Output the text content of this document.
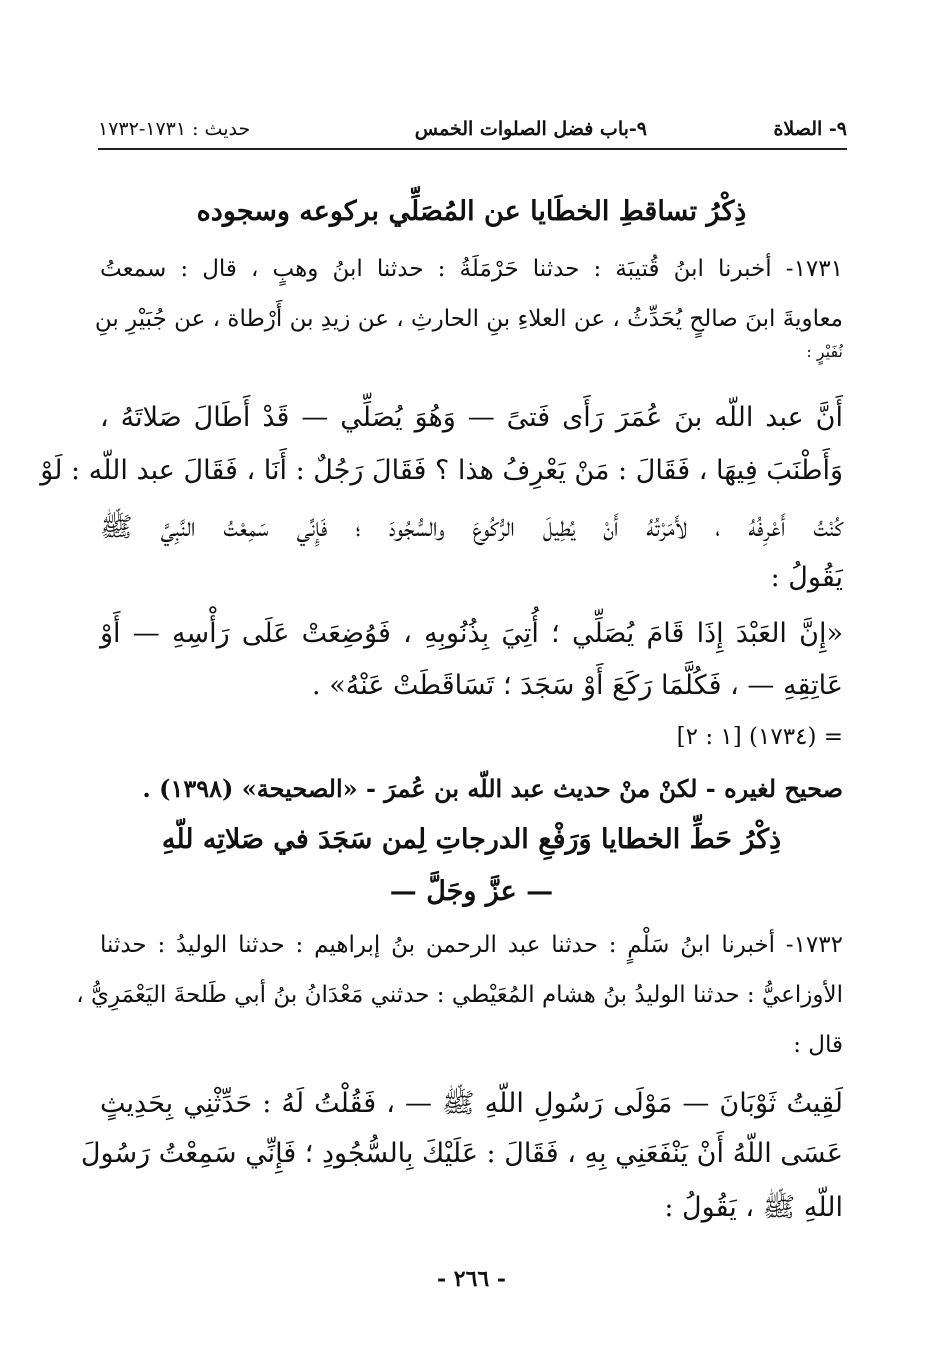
٩- الصلاة
٩-باب فضل الصلوات الخمس
حديث : ١٧٣١-١٧٣٢
ذِكْرُ تساقطِ الخطَايا عن المُصَلِّي بركوعه وسجوده
١٧٣١- أخبرنا ابنُ قُتيبَة : حدثنا حَرْمَلَةُ : حدثنا ابنُ وهبٍ ، قال : سمعتُ
معاويةَ ابنَ صالحٍ يُحَدِّثُ ، عن العلاءِ بنِ الحارثِ ، عن زيدِ بن أَرْطاة ، عن جُبَيْرِ بنِ
نُفَيْرٍ :
أَنَّ عبد اللّه بنَ عُمَرَ رَأَى فَتىً — وَهُوَ يُصَلِّي — قَدْ أَطَالَ صَلاتَهُ ،
وَأَطْنَبَ فِيهَا ، فَقَالَ : مَنْ يَعْرِفُ هذا ؟ فَقَالَ رَجُلٌ : أَنَا ، فَقَالَ عبد اللّه : لَوْ
كُنْتُ أَعْرِفُهُ ، لأَمَرْتُهُ أَنْ يُطِيلَ الرُّكُوعَ والسُّجُودَ ؛ فَإِنِّي سَمِعْتُ النَّبِيَّ ﷺ
يَقُولُ :
«إِنَّ العَبْدَ إِذَا قَامَ يُصَلِّي ؛ أُتِيَ بِذُنُوبِهِ ، فَوُضِعَتْ عَلَى رَأْسِهِ — أَوْ
عَاتِقِهِ — ، فَكُلَّمَا رَكَعَ أَوْ سَجَدَ ؛ تَسَاقَطَتْ عَنْهُ» .
= (١٧٣٤) [١ : ٢]
صحيح لغيره - لكنْ منْ حديث عبد اللّه بن عُمرَ - «الصحيحة» (١٣٩٨) .
ذِكْرُ حَطِّ الخطايا وَرَفْعِ الدرجاتِ لِمن سَجَدَ في صَلاتِه للّهِ
— عزَّ وجَلَّ —
١٧٣٢- أخبرنا ابنُ سَلْمٍ : حدثنا عبد الرحمن بنُ إبراهيم : حدثنا الوليدُ : حدثنا
الأوزاعيُّ : حدثنا الوليدُ بنُ هشام المُعَيْطي : حدثني مَعْدَانُ بنُ أبي طَلحةَ اليَعْمَرِيُّ ،
قال :
لَقِيتُ ثَوْبَانَ — مَوْلَى رَسُولِ اللّهِ ﷺ — ، فَقُلْتُ لَهُ : حَدِّثْنِي بِحَدِيثٍ
عَسَى اللّهُ أَنْ يَنْفَعَنِي بِهِ ، فَقَالَ : عَلَيْكَ بِالسُّجُودِ ؛ فَإِنِّي سَمِعْتُ رَسُولَ
اللّهِ ﷺ ، يَقُولُ :
- ٢٦٦ -
